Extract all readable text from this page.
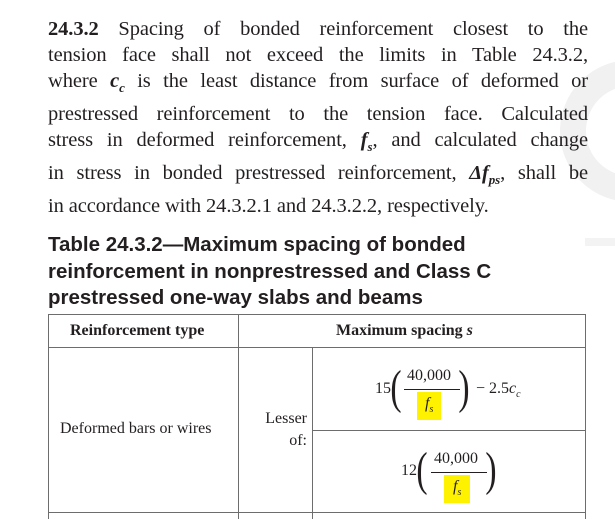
24.3.2 Spacing of bonded reinforcement closest to the
tension face shall not exceed the limits in Table 24.3.2,
where $c_c$ is the least distance from surface of deformed or
prestressed reinforcement to the tension face. Calculated
stress in deformed reinforcement, $f_s$, and calculated change
in stress in bonded prestressed reinforcement, $\Delta f_{ps}$, shall be
in accordance with 24.3.2.1 and 24.3.2.2, respectively.
Table 24.3.2—Maximum spacing of bonded
reinforcement in nonprestressed and Class C
prestressed one-way slabs and beams
Reinforcement type	Maximum spacing s
Deformed bars or wires
Lesser
of:
15 ( 40,000
$f_s$ ) − $2.5c_c$
12 ( 40,000
$f_s$ )
